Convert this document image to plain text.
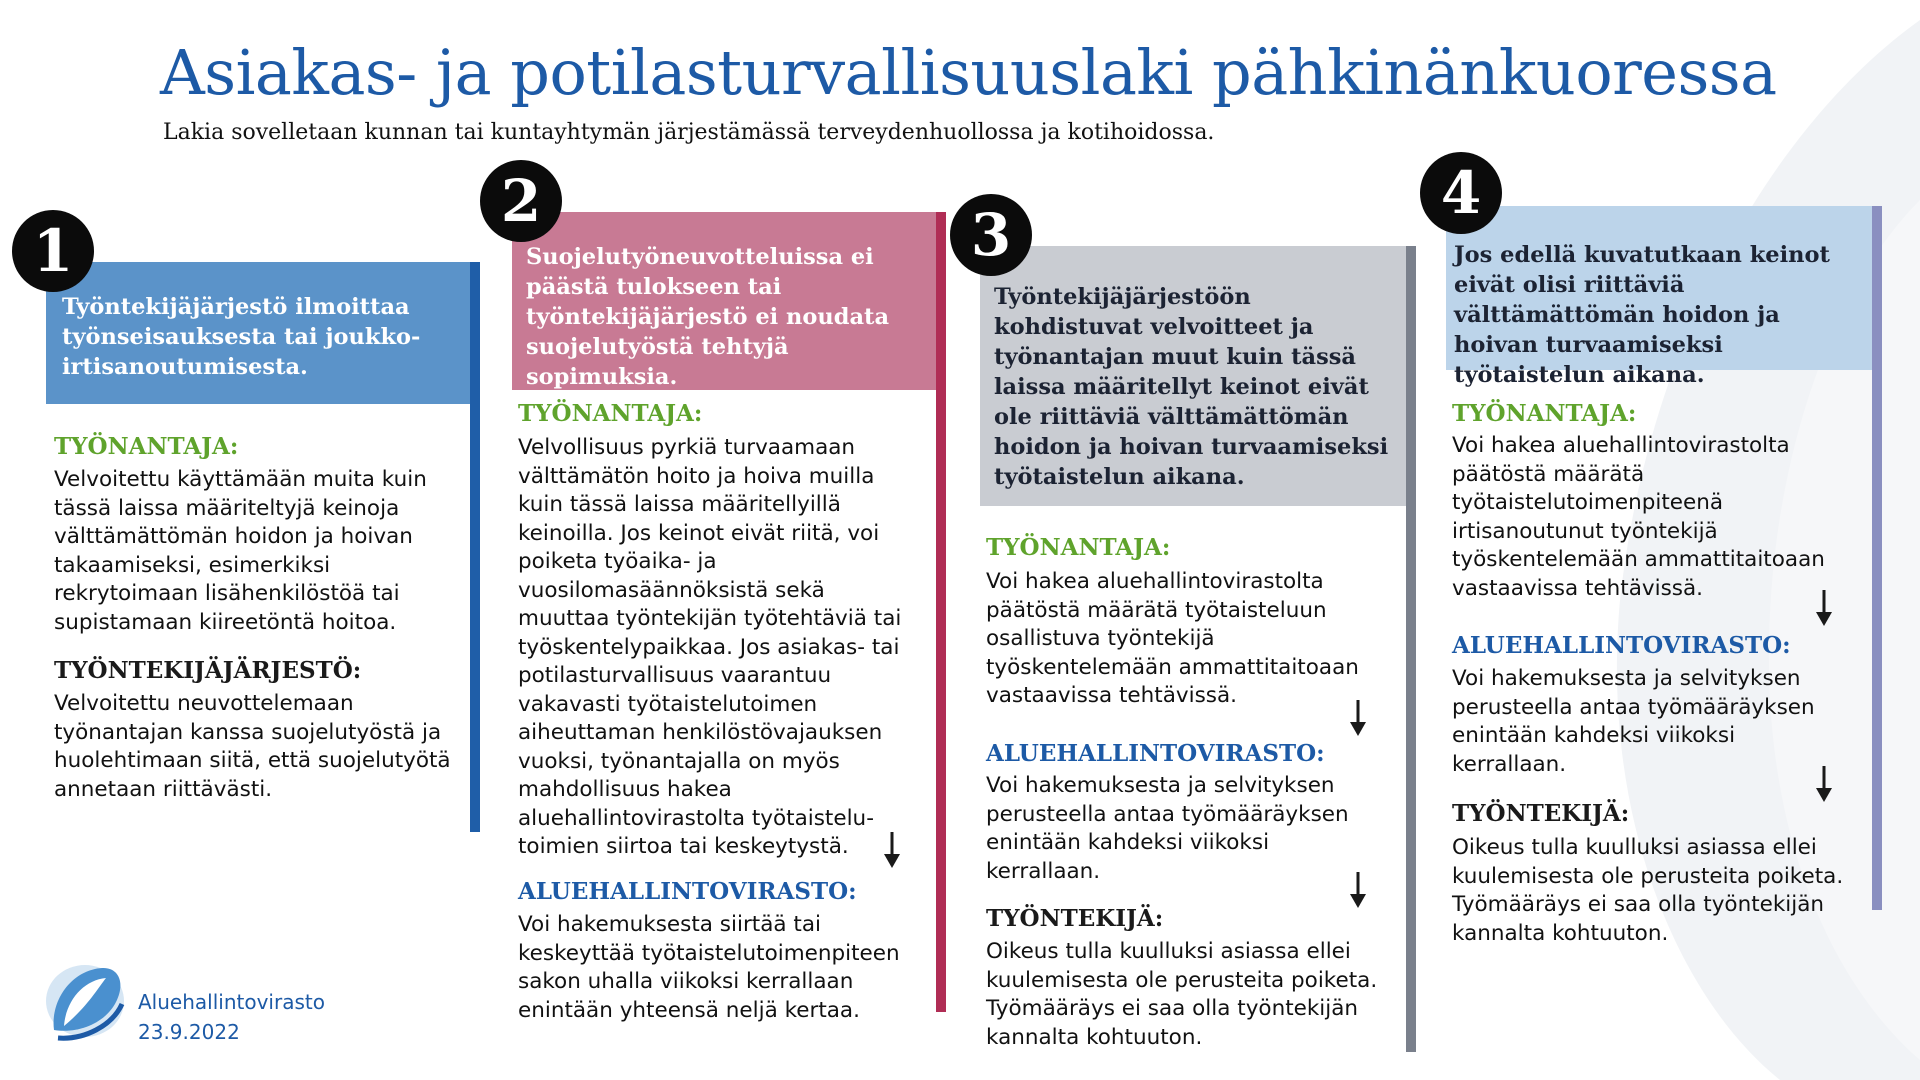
Asiakas- ja potilasturvallisuuslaki pähkinänkuoressa
Lakia sovelletaan kunnan tai kuntayhtymän järjestämässä terveydenhuollossa ja kotihoidossa.
Työntekijäjärjestö ilmoittaa työnseisauksesta tai joukko-irtisanoutumisesta.
1
TYÖNANTAJA:
Velvoitettu käyttämään muita kuin tässä laissa määriteltyjä keinoja välttämättömän hoidon ja hoivan takaamiseksi, esimerkiksi rekrytoimaan lisähenkilöstöä tai supistamaan kiireetöntä hoitoa.
TYÖNTEKIJÄJÄRJESTÖ:
Velvoitettu neuvottelemaan työnantajan kanssa suojelutyöstä ja huolehtimaan siitä, että suojelutyötä annetaan riittävästi.
Suojelutyöneuvotteluissa ei päästä tulokseen tai työntekijäjärjestö ei noudata suojelutyöstä tehtyjä sopimuksia.
2
TYÖNANTAJA:
Velvollisuus pyrkiä turvaamaan välttämätön hoito ja hoiva muilla kuin tässä laissa määritellyillä keinoilla. Jos keinot eivät riitä, voi poiketa työaika- ja vuosilomasäännöksistä sekä muuttaa työntekijän työtehtäviä tai työskentelypaikkaa. Jos asiakas- tai potilasturvallisuus vaarantuu vakavasti työtaistelutoimen aiheuttaman henkilöstövajauksen vuoksi, työnantajalla on myös mahdollisuus hakea aluehallintovirastolta työtaistelu-toimien siirtoa tai keskeytystä.
ALUEHALLINTOVIRASTO:
Voi hakemuksesta siirtää tai keskeyttää työtaistelutoimenpiteen sakon uhalla viikoksi kerrallaan enintään yhteensä neljä kertaa.
Työntekijäjärjestöön kohdistuvat velvoitteet ja työnantajan muut kuin tässä laissa määritellyt keinot eivät ole riittäviä välttämättömän hoidon ja hoivan turvaamiseksi työtaistelun aikana.
3
TYÖNANTAJA:
Voi hakea aluehallintovirastolta päätöstä määrätä työtaisteluun osallistuva työntekijä työskentelemään ammattitaitoaan vastaavissa tehtävissä.
ALUEHALLINTOVIRASTO:
Voi hakemuksesta ja selvityksen perusteella antaa työmääräyksen enintään kahdeksi viikoksi kerrallaan.
TYÖNTEKIJÄ:
Oikeus tulla kuulluksi asiassa ellei kuulemisesta ole perusteita poiketa. Työmääräys ei saa olla työntekijän kannalta kohtuuton.
Jos edellä kuvatutkaan keinot eivät olisi riittäviä välttämättömän hoidon ja hoivan turvaamiseksi työtaistelun aikana.
4
TYÖNANTAJA:
Voi hakea aluehallintovirastolta päätöstä määrätä työtaistelutoimenpiteenä irtisanoutunut työntekijä työskentelemään ammattitaitoaan vastaavissa tehtävissä.
ALUEHALLINTOVIRASTO:
Voi hakemuksesta ja selvityksen perusteella antaa työmääräyksen enintään kahdeksi viikoksi kerrallaan.
TYÖNTEKIJÄ:
Oikeus tulla kuulluksi asiassa ellei kuulemisesta ole perusteita poiketa. Työmääräys ei saa olla työntekijän kannalta kohtuuton.
Aluehallintovirasto
23.9.2022
